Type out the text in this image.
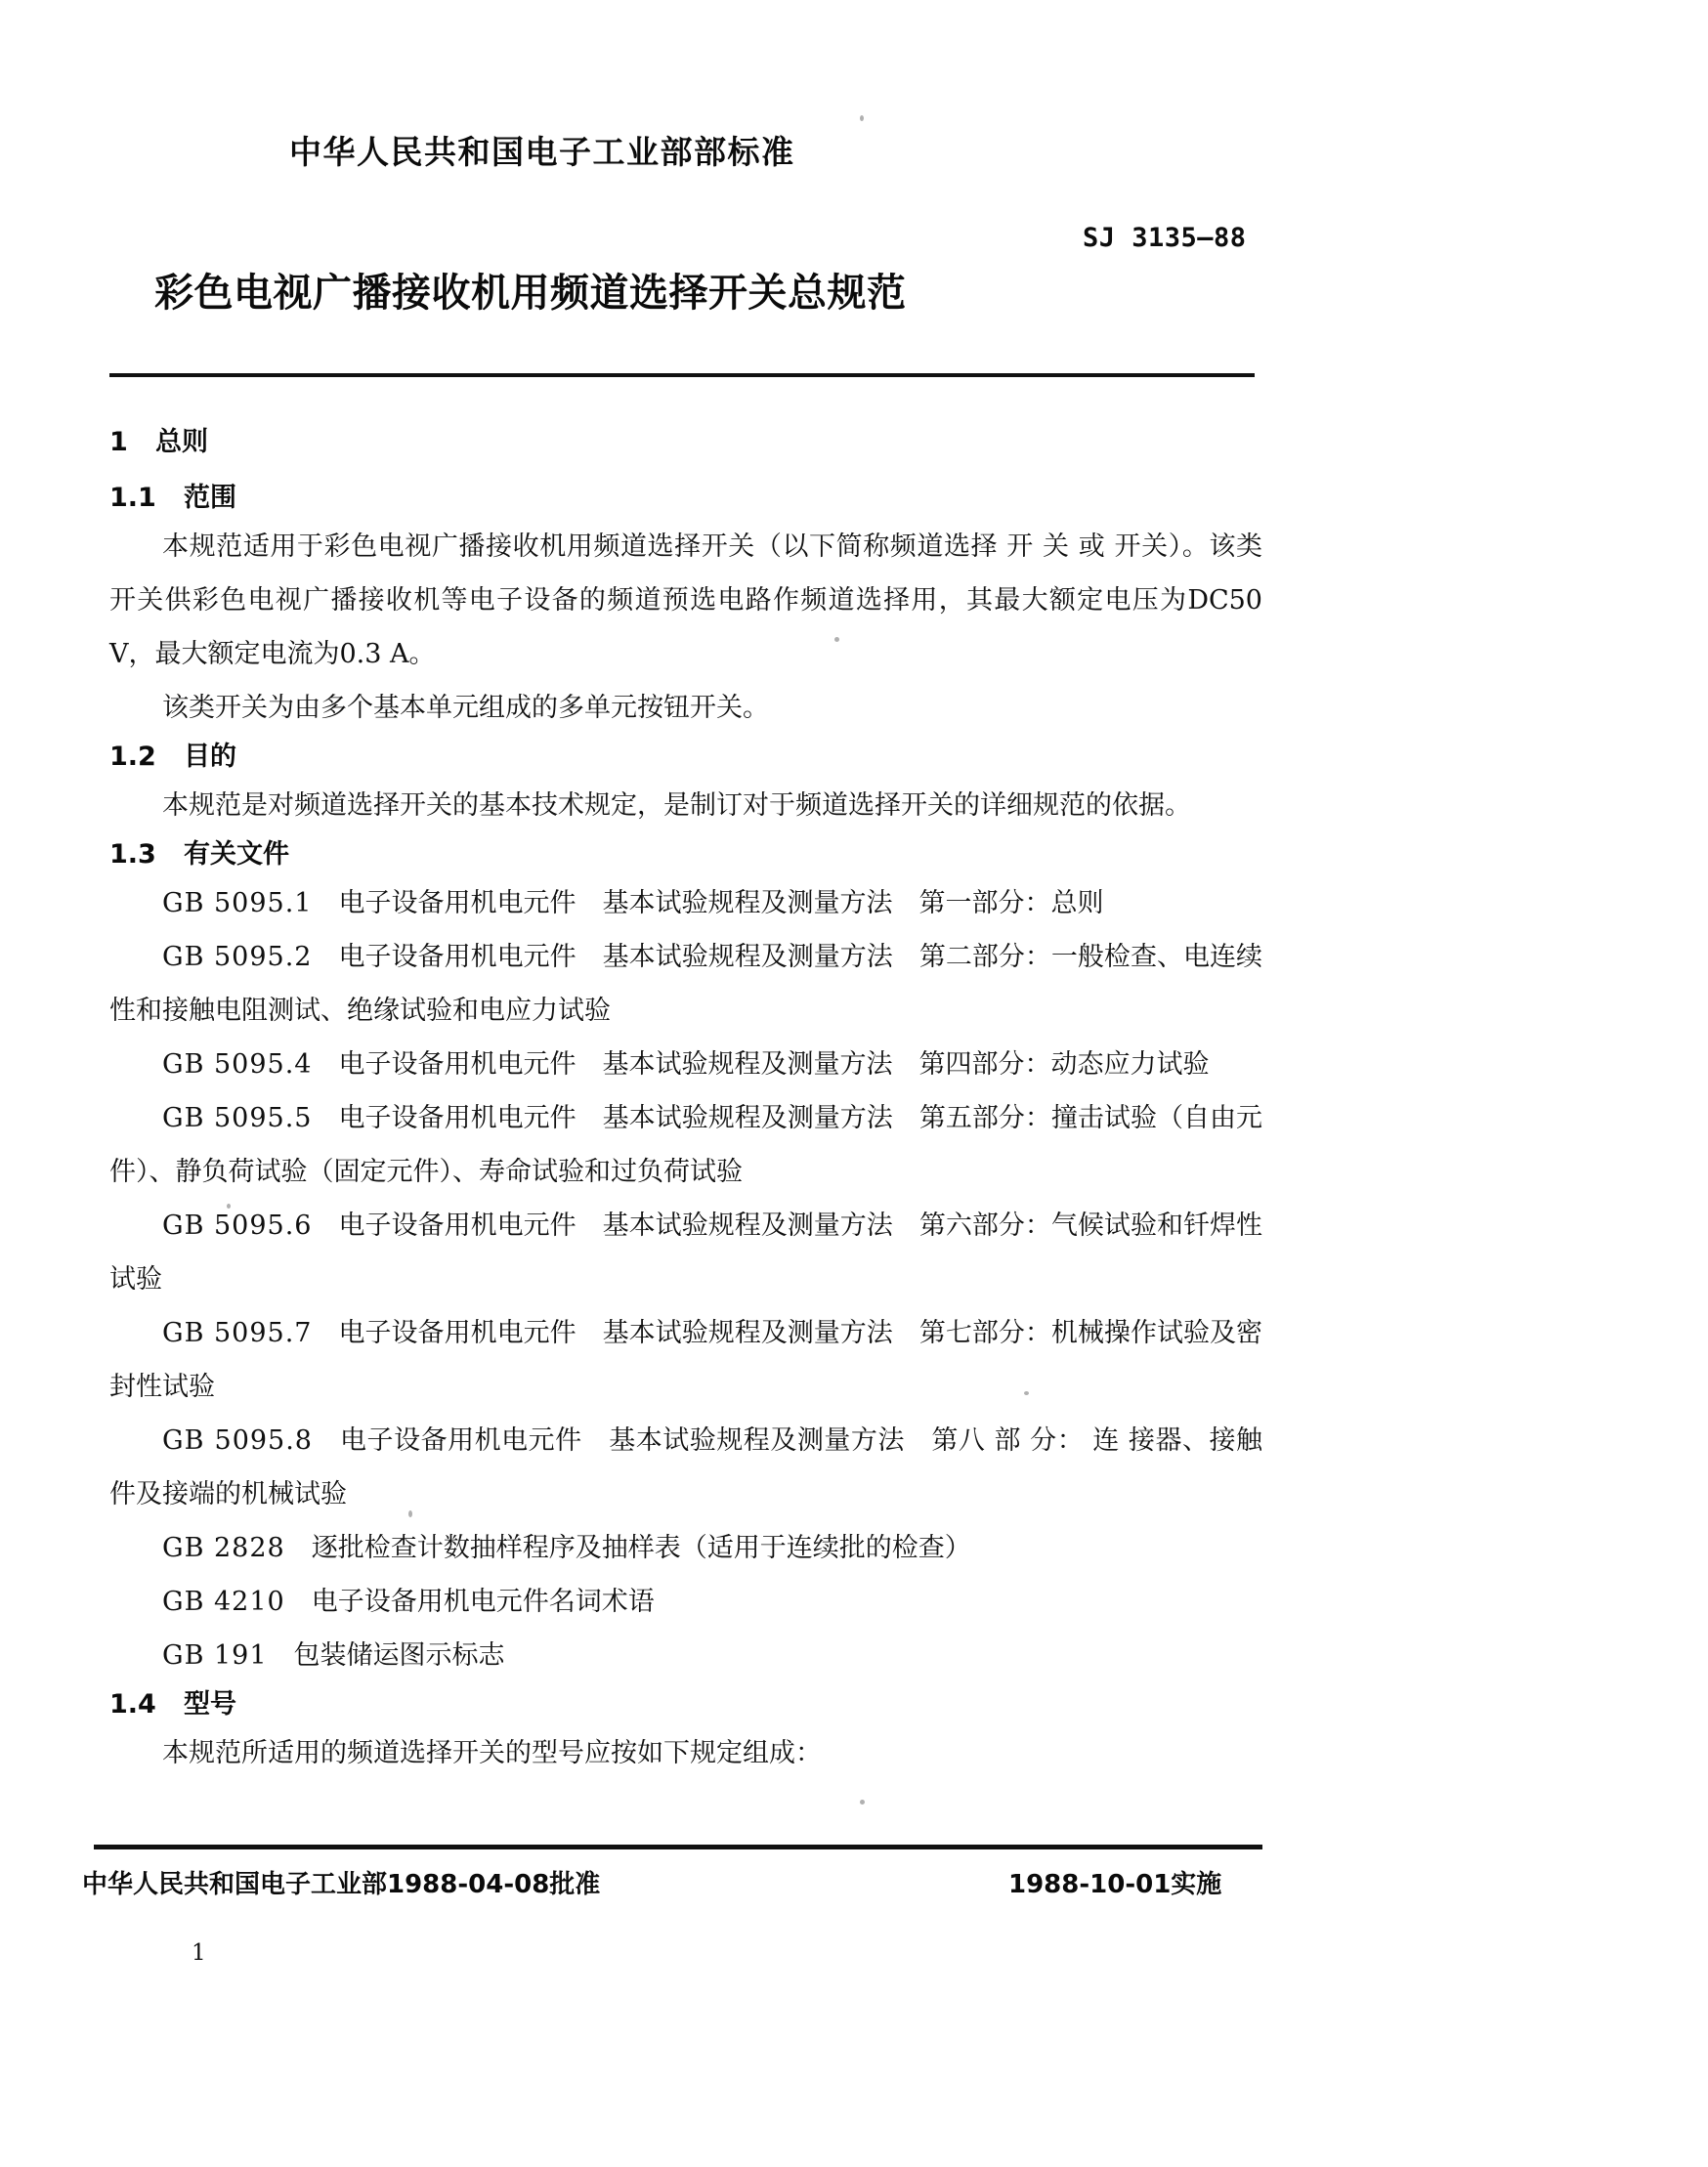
中华人民共和国电子工业部部标准
SJ 3135—88
彩色电视广播接收机用频道选择开关总规范
1   总则
1.1   范围

本规范适用于彩色电视广播接收机用频道选择开关（以下简称频道选择 开 关 或 开关）。该类开关供彩色电视广播接收机等电子设备的频道预选电路作频道选择用，其最大额定电压为DC50 V，最大额定电流为0.3 A。

该类开关为由多个基本单元组成的多单元按钮开关。

1.2   目的

本规范是对频道选择开关的基本技术规定，是制订对于频道选择开关的详细规范的依据。

1.3   有关文件

GB 5095.1　 电子设备用机电元件　基本试验规程及测量方法　第一部分：总则

GB 5095.2　 电子设备用机电元件　基本试验规程及测量方法　第二部分：一般检查、电连续性和接触电阻测试、绝缘试验和电应力试验

GB 5095.4　 电子设备用机电元件　基本试验规程及测量方法　第四部分：动态应力试验

GB 5095.5　 电子设备用机电元件　基本试验规程及测量方法　第五部分：撞击试验（自由元件）、静负荷试验（固定元件）、寿命试验和过负荷试验

GB 5095.6　 电子设备用机电元件　基本试验规程及测量方法　第六部分：气候试验和钎焊性试验

GB 5095.7　 电子设备用机电元件　基本试验规程及测量方法　第七部分：机械操作试验及密封性试验

GB 5095.8　 电子设备用机电元件　基本试验规程及测量方法　第八 部 分： 连 接器、接触件及接端的机械试验

GB 2828　 逐批检查计数抽样程序及抽样表（适用于连续批的检查）

GB 4210　 电子设备用机电元件名词术语

GB 191　 包装储运图示标志

1.4   型号

本规范所适用的频道选择开关的型号应按如下规定组成：

中华人民共和国电子工业部1988-04-08批准	1988-10-01实施
1
